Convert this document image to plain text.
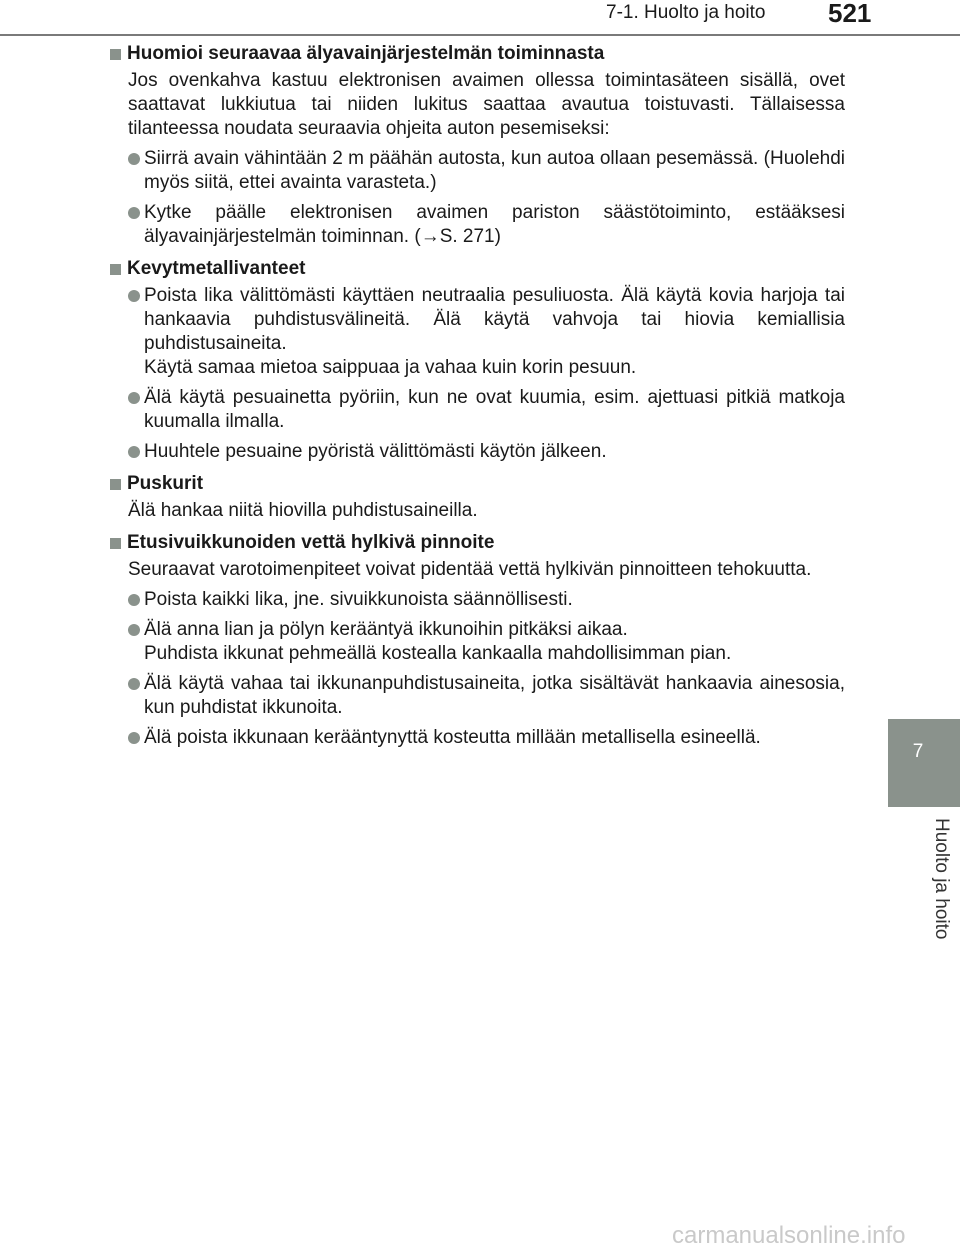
7-1. Huolto ja hoito 521
7
Huolto ja hoito
Huomioi seuraavaa älyavainjärjestelmän toiminnasta
Jos ovenkahva kastuu elektronisen avaimen ollessa toimintasäteen sisällä, ovet saattavat lukkiutua tai niiden lukitus saattaa avautua toistuvasti. Tällaisessa tilanteessa noudata seuraavia ohjeita auton pesemiseksi:
Siirrä avain vähintään 2 m päähän autosta, kun autoa ollaan pesemässä. (Huolehdi myös siitä, ettei avainta varasteta.)
Kytke päälle elektronisen avaimen pariston säästötoiminto, estääksesi älyavainjärjestelmän toiminnan. (→S. 271)
Kevytmetallivanteet
Poista lika välittömästi käyttäen neutraalia pesuliuosta. Älä käytä kovia harjoja tai hankaavia puhdistusvälineitä. Älä käytä vahvoja tai hiovia kemiallisia puhdistusaineita.
Käytä samaa mietoa saippuaa ja vahaa kuin korin pesuun.
Älä käytä pesuainetta pyöriin, kun ne ovat kuumia, esim. ajettuasi pitkiä matkoja kuumalla ilmalla.
Huuhtele pesuaine pyöristä välittömästi käytön jälkeen.
Puskurit
Älä hankaa niitä hiovilla puhdistusaineilla.
Etusivuikkunoiden vettä hylkivä pinnoite
Seuraavat varotoimenpiteet voivat pidentää vettä hylkivän pinnoitteen tehokuutta.
Poista kaikki lika, jne. sivuikkunoista säännöllisesti.
Älä anna lian ja pölyn kerääntyä ikkunoihin pitkäksi aikaa.
Puhdista ikkunat pehmeällä kostealla kankaalla mahdollisimman pian.
Älä käytä vahaa tai ikkunanpuhdistusaineita, jotka sisältävät hankaavia ainesosia, kun puhdistat ikkunoita.
Älä poista ikkunaan kerääntynyttä kosteutta millään metallisella esineellä.
carmanualsonline.info
